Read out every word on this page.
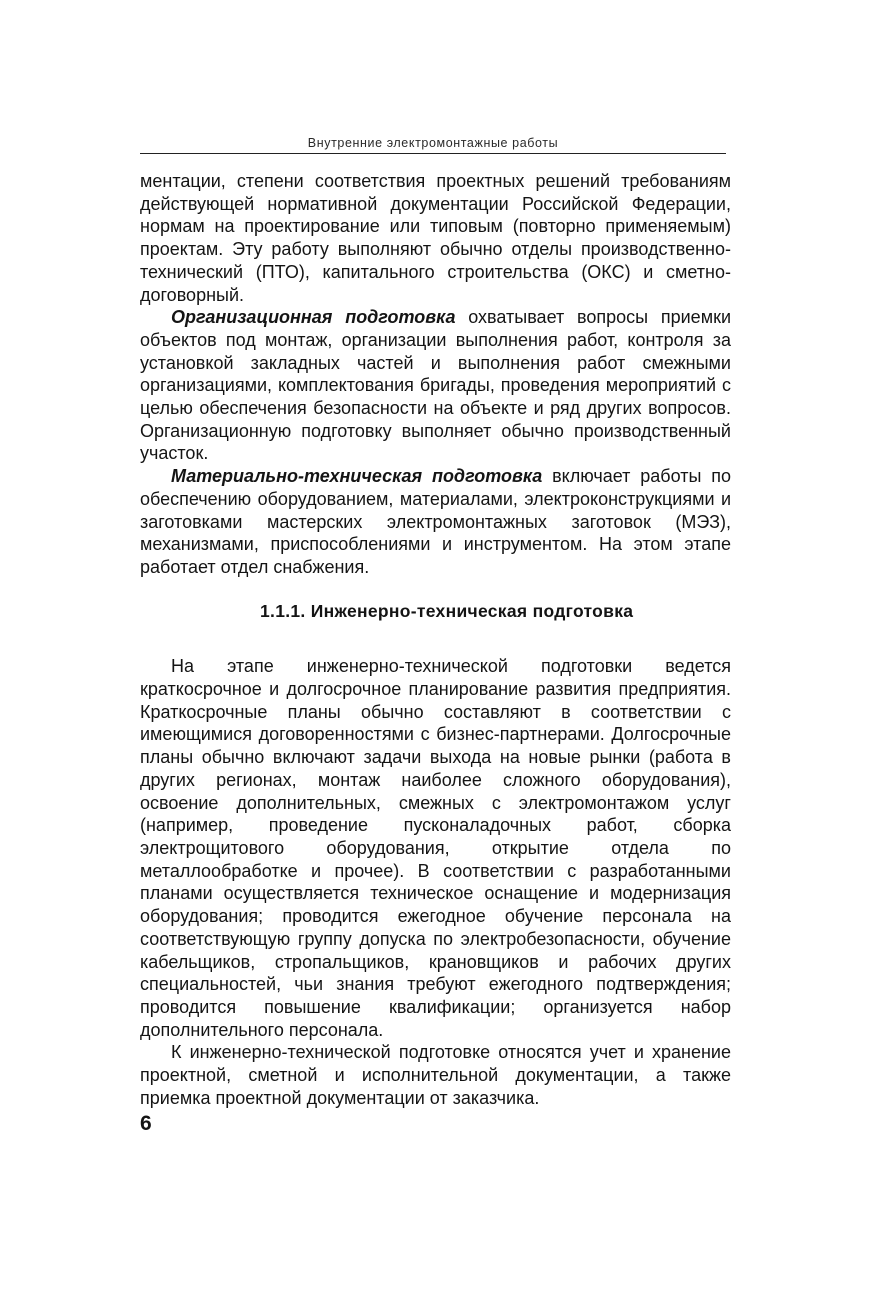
Внутренние электромонтажные работы

ментации, степени соответствия проектных решений требованиям действующей нормативной документации Российской Федерации, нормам на проектирование или типовым (повторно применяемым) проектам. Эту работу выполняют обычно отделы производственно-технический (ПТО), капитального строительства (ОКС) и сметно-договорный.

Организационная подготовка охватывает вопросы приемки объектов под монтаж, организации выполнения работ, контроля за установкой закладных частей и выполнения работ смежными организациями, комплектования бригады, проведения мероприятий с целью обеспечения безопасности на объекте и ряд других вопросов. Организационную подготовку выполняет обычно производственный участок.

Материально-техническая подготовка включает работы по обеспечению оборудованием, материалами, электроконструкциями и заготовками мастерских электромонтажных заготовок (МЭЗ), механизмами, приспособлениями и инструментом. На этом этапе работает отдел снабжения.

1.1.1. Инженерно-техническая подготовка

На этапе инженерно-технической подготовки ведется краткосрочное и долгосрочное планирование развития предприятия. Краткосрочные планы обычно составляют в соответствии с имеющимися договоренностями с бизнес-партнерами. Долгосрочные планы обычно включают задачи выхода на новые рынки (работа в других регионах, монтаж наиболее сложного оборудования), освоение дополнительных, смежных с электромонтажом услуг (например, проведение пусконаладочных работ, сборка электрощитового оборудования, открытие отдела по металлообработке и прочее). В соответствии с разработанными планами осуществляется техническое оснащение и модернизация оборудования; проводится ежегодное обучение персонала на соответствующую группу допуска по электробезопасности, обучение кабельщиков, стропальщиков, крановщиков и рабочих других специальностей, чьи знания требуют ежегодного подтверждения; проводится повышение квалификации; организуется набор дополнительного персонала.

К инженерно-технической подготовке относятся учет и хранение проектной, сметной и исполнительной документации, а также приемка проектной документации от заказчика.

6
